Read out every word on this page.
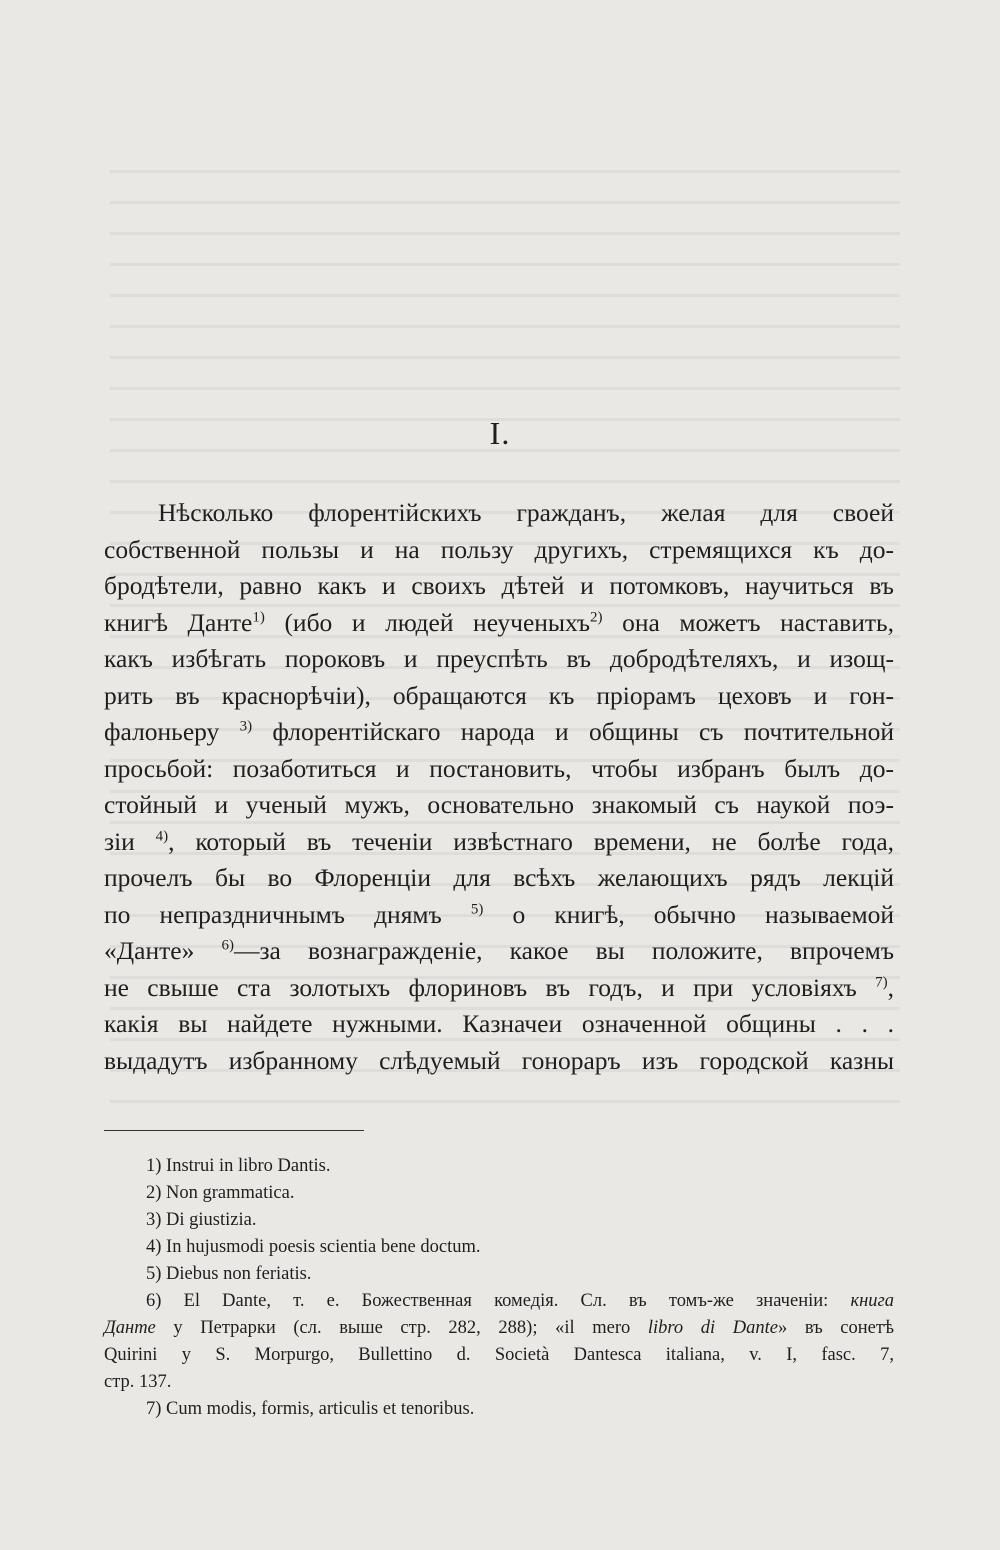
I.
Нѣсколько флорентійскихъ гражданъ, желая для своей
собственной пользы и на пользу другихъ, стремящихся къ до-
бродѣтели, равно какъ и своихъ дѣтей и потомковъ, научиться въ
книгѣ Данте$^{1)}$ (ибо и людей неученыхъ$^{2)}$ она можетъ наставить,
какъ избѣгать пороковъ и преуспѣть въ добродѣтеляхъ, и изощ-
рить въ краснорѣчіи), обращаются къ пріорамъ цеховъ и гон-
фалоньеру $^{3)}$ флорентійскаго народа и общины съ почтительной
просьбой: позаботиться и постановить, чтобы избранъ былъ до-
стойный и ученый мужъ, основательно знакомый съ наукой поэ-
зіи $^{4)}$, который въ теченіи извѣстнаго времени, не болѣе года,
прочелъ бы во Флоренціи для всѣхъ желающихъ рядъ лекцій
по непраздничнымъ днямъ $^{5)}$ о книгѣ, обычно называемой
«Данте» $^{6)}$—за вознагражденіе, какое вы положите, впрочемъ
не свыше ста золотыхъ флориновъ въ годъ, и при условіяхъ $^{7)}$,
какія вы найдете нужными. Казначеи означенной общины . . .
выдадутъ избранному слѣдуемый гонораръ изъ городской казны
1) Instrui in libro Dantis.
2) Non grammatica.
3) Di giustizia.
4) In hujusmodi poesis scientia bene doctum.
5) Diebus non feriatis.
6) El Dante, т. е. Божественная комедія. Сл. въ томъ-же значеніи: книга
Данте у Петрарки (сл. выше стр. 282, 288); «il mero libro di Dante» въ сонетѣ
Quirini у S. Morpurgo, Bullettino d. Società Dantesca italiana, v. I, fasc. 7,
стр. 137.
7) Cum modis, formis, articulis et tenoribus.
